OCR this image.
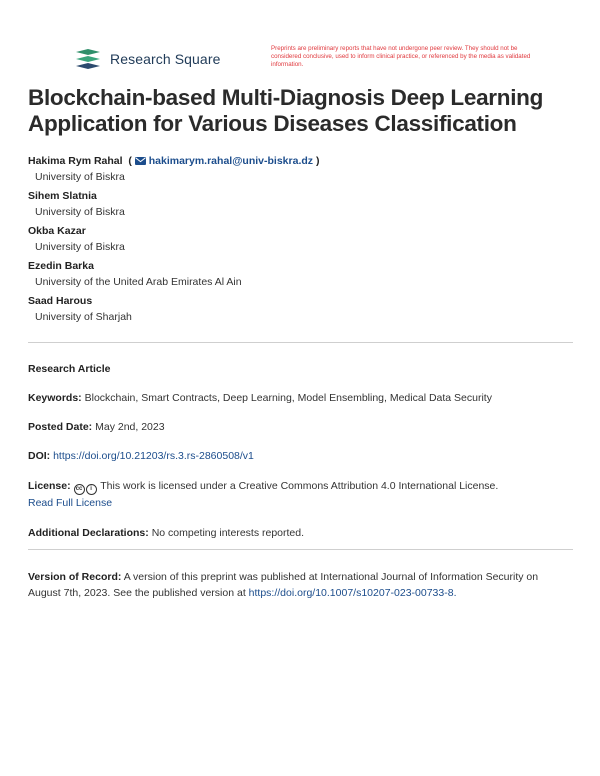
Research Square
Preprints are preliminary reports that have not undergone peer review. They should not be considered conclusive, used to inform clinical practice, or referenced by the media as validated information.
Blockchain-based Multi-Diagnosis Deep Learning Application for Various Diseases Classification
Hakima Rym Rahal  (  hakimarym.rahal@univ-biskra.dz )
University of Biskra
Sihem Slatnia
University of Biskra
Okba Kazar
University of Biskra
Ezedin Barka
University of the United Arab Emirates Al Ain
Saad Harous
University of Sharjah
Research Article
Keywords: Blockchain, Smart Contracts, Deep Learning, Model Ensembling, Medical Data Security
Posted Date: May 2nd, 2023
DOI: https://doi.org/10.21203/rs.3.rs-2860508/v1
License: cc i This work is licensed under a Creative Commons Attribution 4.0 International License.
Read Full License
Additional Declarations: No competing interests reported.
Version of Record: A version of this preprint was published at International Journal of Information Security on August 7th, 2023. See the published version at https://doi.org/10.1007/s10207-023-00733-8.
